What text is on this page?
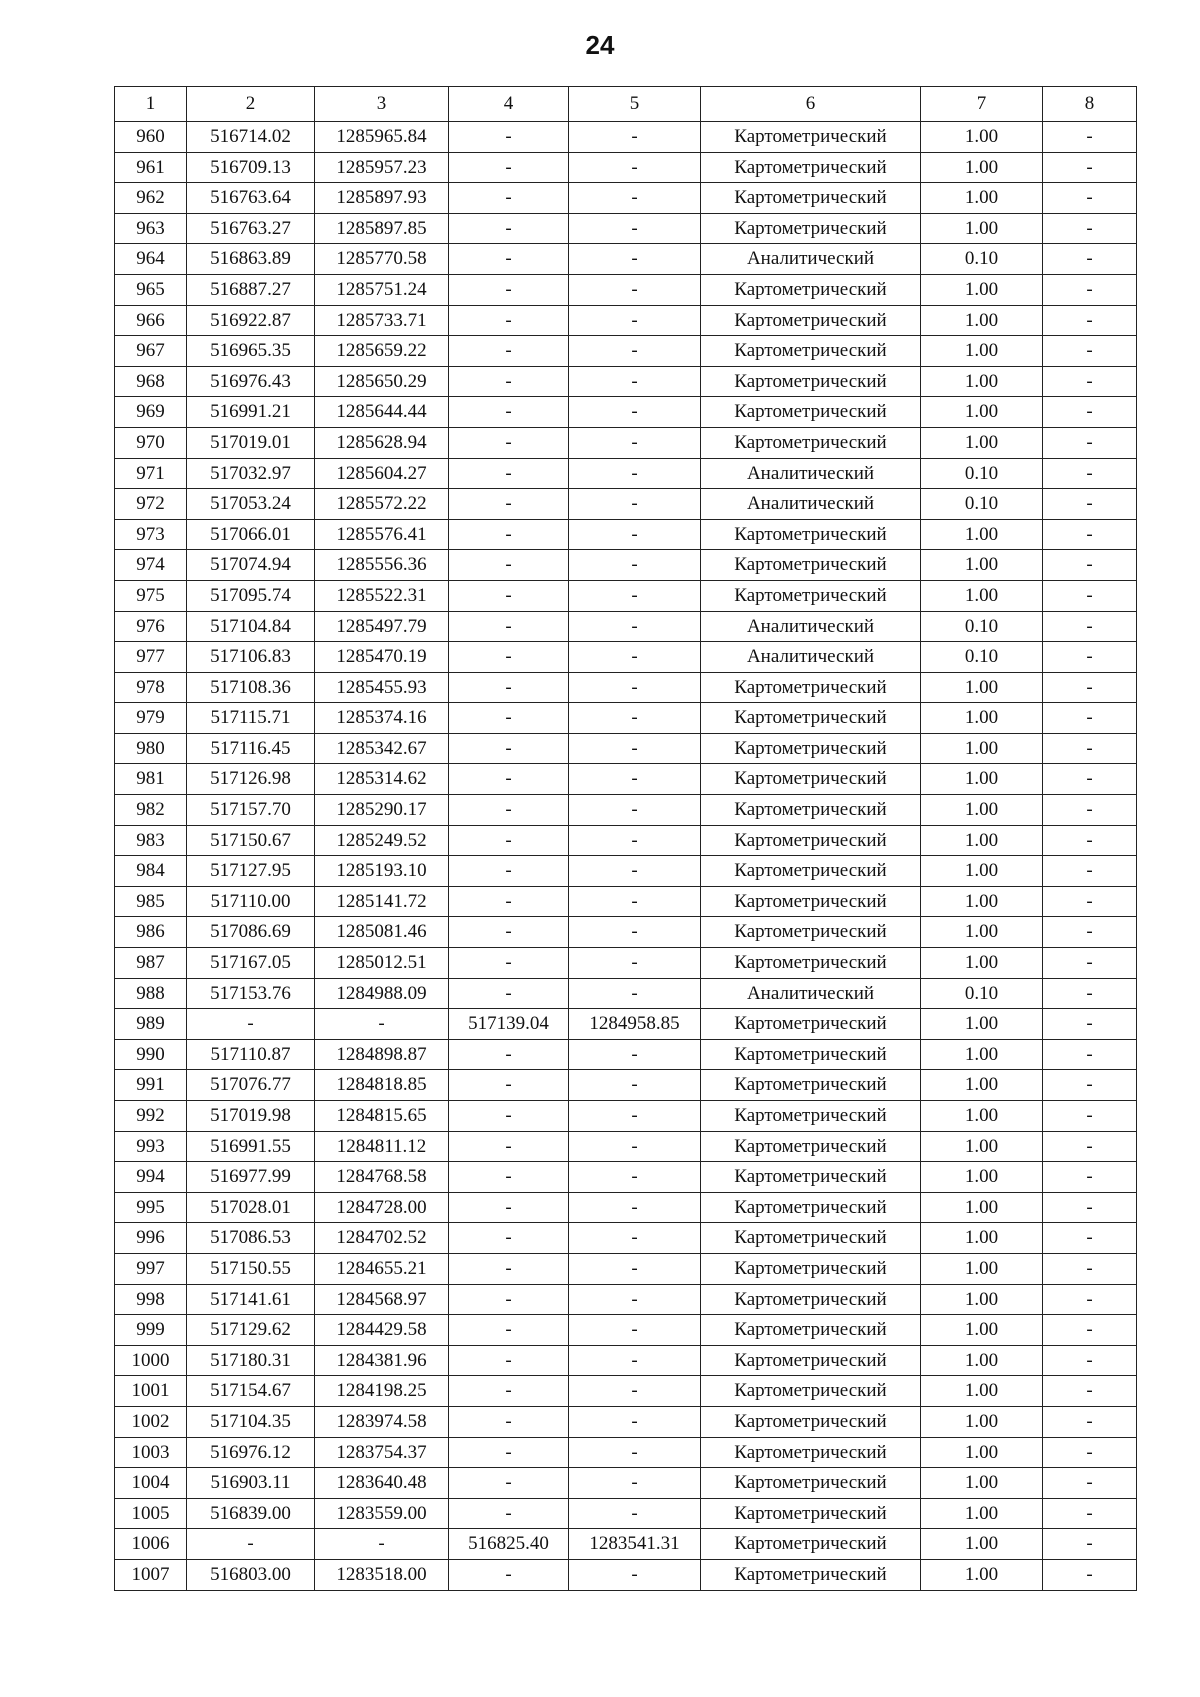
24
1	2	3	4	5	6	7	8
960	516714.02	1285965.84	-	-	Картометрический	1.00	-
961	516709.13	1285957.23	-	-	Картометрический	1.00	-
962	516763.64	1285897.93	-	-	Картометрический	1.00	-
963	516763.27	1285897.85	-	-	Картометрический	1.00	-
964	516863.89	1285770.58	-	-	Аналитический	0.10	-
965	516887.27	1285751.24	-	-	Картометрический	1.00	-
966	516922.87	1285733.71	-	-	Картометрический	1.00	-
967	516965.35	1285659.22	-	-	Картометрический	1.00	-
968	516976.43	1285650.29	-	-	Картометрический	1.00	-
969	516991.21	1285644.44	-	-	Картометрический	1.00	-
970	517019.01	1285628.94	-	-	Картометрический	1.00	-
971	517032.97	1285604.27	-	-	Аналитический	0.10	-
972	517053.24	1285572.22	-	-	Аналитический	0.10	-
973	517066.01	1285576.41	-	-	Картометрический	1.00	-
974	517074.94	1285556.36	-	-	Картометрический	1.00	-
975	517095.74	1285522.31	-	-	Картометрический	1.00	-
976	517104.84	1285497.79	-	-	Аналитический	0.10	-
977	517106.83	1285470.19	-	-	Аналитический	0.10	-
978	517108.36	1285455.93	-	-	Картометрический	1.00	-
979	517115.71	1285374.16	-	-	Картометрический	1.00	-
980	517116.45	1285342.67	-	-	Картометрический	1.00	-
981	517126.98	1285314.62	-	-	Картометрический	1.00	-
982	517157.70	1285290.17	-	-	Картометрический	1.00	-
983	517150.67	1285249.52	-	-	Картометрический	1.00	-
984	517127.95	1285193.10	-	-	Картометрический	1.00	-
985	517110.00	1285141.72	-	-	Картометрический	1.00	-
986	517086.69	1285081.46	-	-	Картометрический	1.00	-
987	517167.05	1285012.51	-	-	Картометрический	1.00	-
988	517153.76	1284988.09	-	-	Аналитический	0.10	-
989	-	-	517139.04	1284958.85	Картометрический	1.00	-
990	517110.87	1284898.87	-	-	Картометрический	1.00	-
991	517076.77	1284818.85	-	-	Картометрический	1.00	-
992	517019.98	1284815.65	-	-	Картометрический	1.00	-
993	516991.55	1284811.12	-	-	Картометрический	1.00	-
994	516977.99	1284768.58	-	-	Картометрический	1.00	-
995	517028.01	1284728.00	-	-	Картометрический	1.00	-
996	517086.53	1284702.52	-	-	Картометрический	1.00	-
997	517150.55	1284655.21	-	-	Картометрический	1.00	-
998	517141.61	1284568.97	-	-	Картометрический	1.00	-
999	517129.62	1284429.58	-	-	Картометрический	1.00	-
1000	517180.31	1284381.96	-	-	Картометрический	1.00	-
1001	517154.67	1284198.25	-	-	Картометрический	1.00	-
1002	517104.35	1283974.58	-	-	Картометрический	1.00	-
1003	516976.12	1283754.37	-	-	Картометрический	1.00	-
1004	516903.11	1283640.48	-	-	Картометрический	1.00	-
1005	516839.00	1283559.00	-	-	Картометрический	1.00	-
1006	-	-	516825.40	1283541.31	Картометрический	1.00	-
1007	516803.00	1283518.00	-	-	Картометрический	1.00	-
